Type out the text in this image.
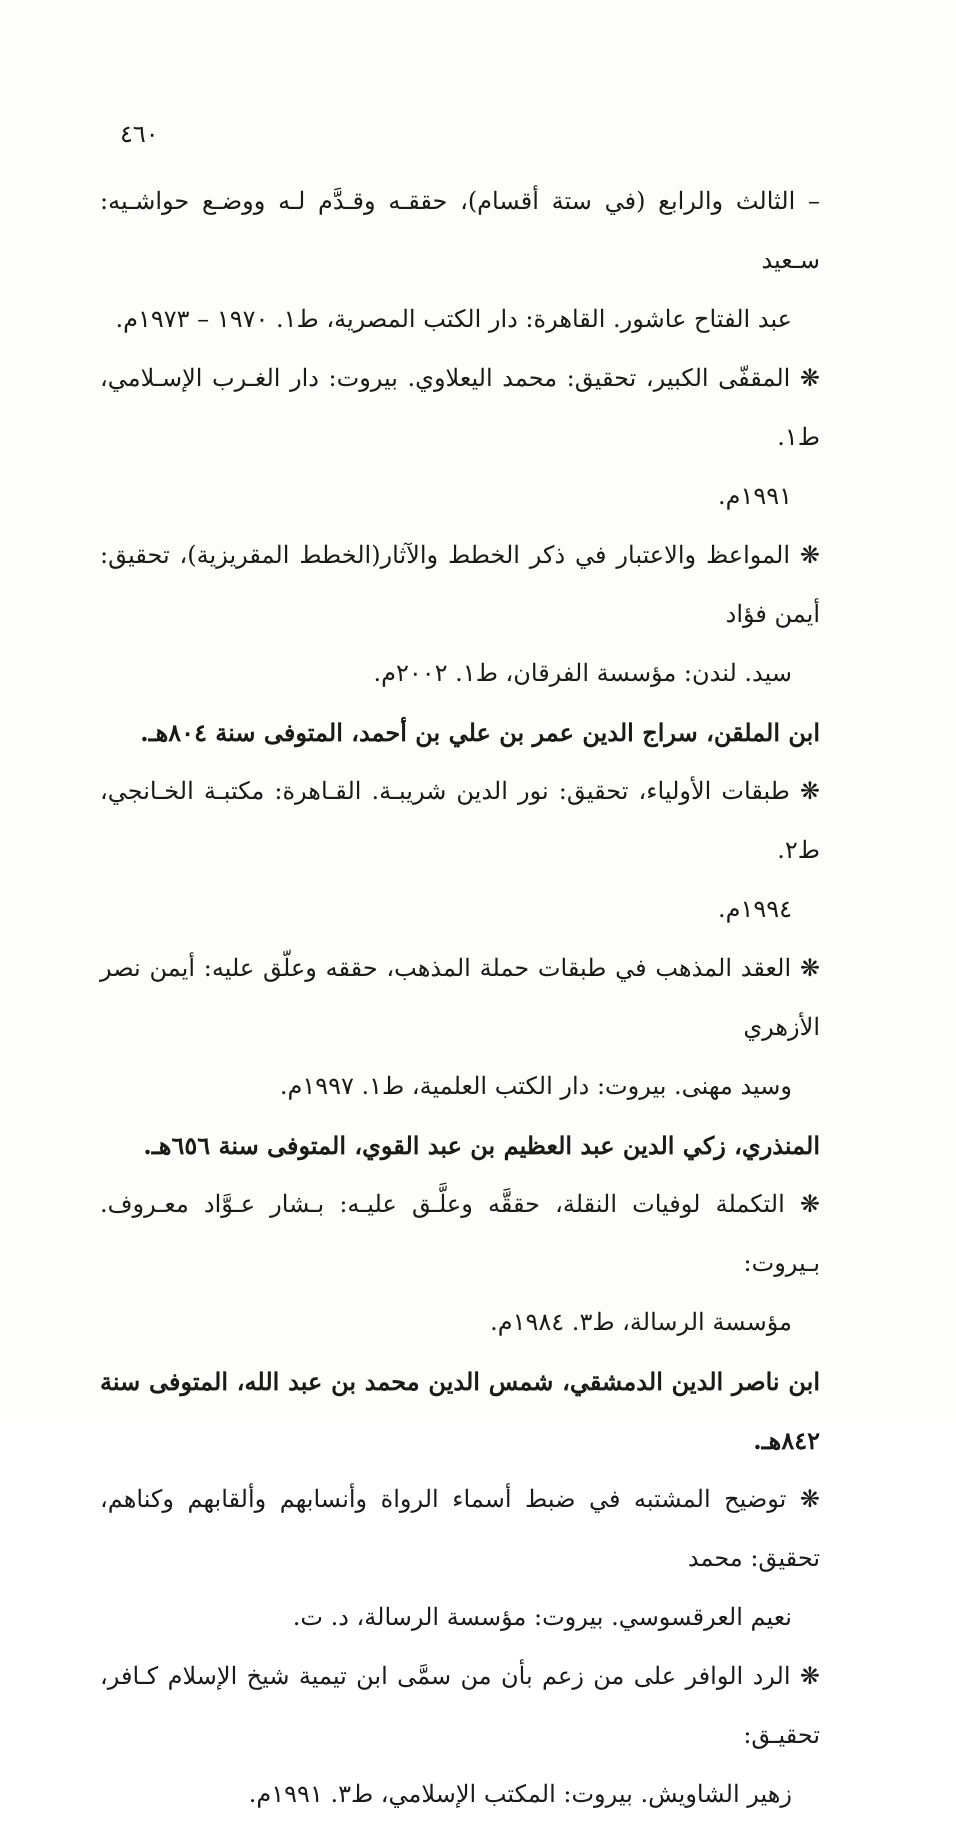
٤٦٠

– الثالث والرابع (في ستة أقسام)، حققـه وقـدَّم لـه ووضـع حواشـيه: سـعيد
عبد الفتاح عاشور. القاهرة: دار الكتب المصرية، ط١. ١٩٧٠ – ١٩٧٣م.

❋ المقفّى الكبير، تحقيق: محمد اليعلاوي. بيروت: دار الغـرب الإسـلامي، ط١.
١٩٩١م.

❋ المواعظ والاعتبار في ذكر الخطط والآثار(الخطط المقريزية)، تحقيق: أيمن فؤاد
سيد. لندن: مؤسسة الفرقان، ط١. ٢٠٠٢م.

ابن الملقن، سراج الدين عمر بن علي بن أحمد، المتوفى سنة ٨٠٤هـ.

❋ طبقات الأولياء، تحقيق: نور الدين شريبـة. القـاهرة: مكتبـة الخـانجي، ط٢.
١٩٩٤م.

❋ العقد المذهب في طبقات حملة المذهب، حققه وعلّق عليه: أيمن نصر الأزهري
وسيد مهنى. بيروت: دار الكتب العلمية، ط١. ١٩٩٧م.

المنذري، زكي الدين عبد العظيم بن عبد القوي، المتوفى سنة ٦٥٦هـ.

❋ التكملة لوفيات النقلة، حققَّه وعلَّـق عليـه: بـشار عـوَّاد معـروف. بـيروت:
مؤسسة الرسالة، ط٣. ١٩٨٤م.

ابن ناصر الدين الدمشقي، شمس الدين محمد بن عبد الله، المتوفى سنة ٨٤٢هـ.

❋ توضيح المشتبه في ضبط أسماء الرواة وأنسابهم وألقابهم وكناهم، تحقيق: محمد
نعيم العرقسوسي. بيروت: مؤسسة الرسالة، د. ت.

❋ الرد الوافر على من زعم بأن من سمَّى ابن تيمية شيخ الإسلام كـافر، تحقيـق:
زهير الشاويش. بيروت: المكتب الإسلامي، ط٣. ١٩٩١م.
